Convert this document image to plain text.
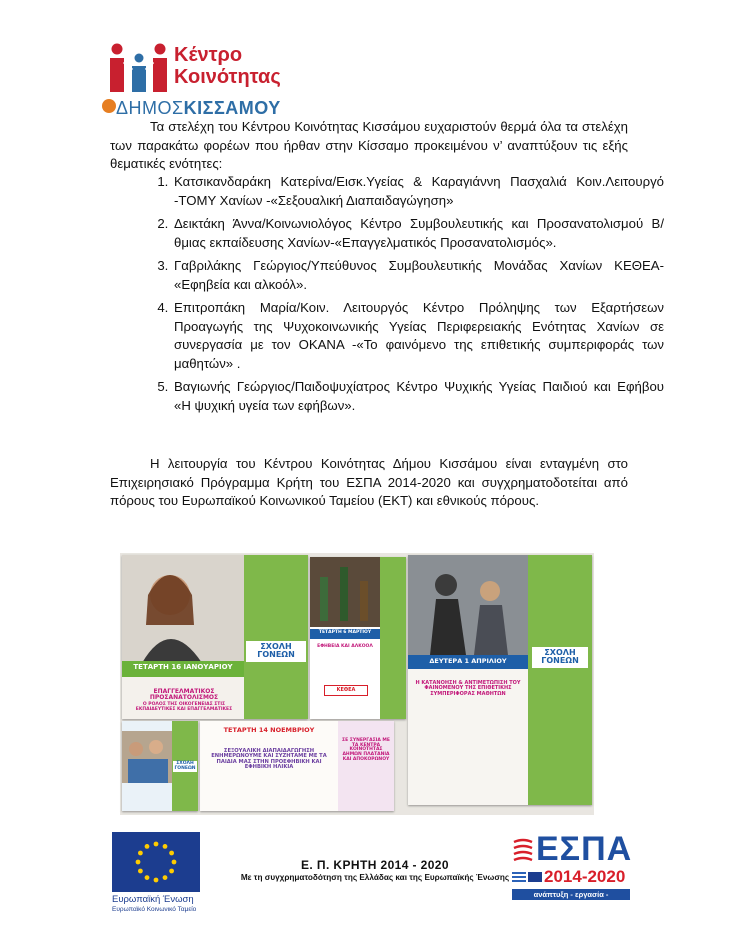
Κέντρο
Κοινότητας
ΔΗΜΟΣΚΙΣΣΑΜΟΥ
Τα στελέχη του Κέντρου Κοινότητας Κισσάμου ευχαριστούν θερμά όλα τα στελέχη των παρακάτω φορέων που ήρθαν στην Κίσσαμο προκειμένου ν’ αναπτύξουν τις εξής θεματικές ενότητες:
1. Κατσικανδαράκη Κατερίνα/Εισκ.Υγείας & Καραγιάννη Πασχαλιά Κοιν.Λειτουργό -ΤΟΜΥ Χανίων -«Σεξουαλική Διαπαιδαγώγηση»
2. Δεικτάκη Άννα/Κοινωνιολόγος Κέντρο Συμβουλευτικής και Προσανατολισμού Β/θμιας εκπαίδευσης Χανίων-«Επαγγελματικός Προσανατολισμός».
3. Γαβριλάκης Γεώργιος/Υπεύθυνος Συμβουλευτικής Μονάδας Χανίων ΚΕΘΕΑ- «Εφηβεία και αλκοόλ».
4. Επιτροπάκη Μαρία/Κοιν. Λειτουργός Κέντρο Πρόληψης των Εξαρτήσεων Προαγωγής της Ψυχοκοινωνικής Υγείας Περιφερειακής Ενότητας Χανίων σε συνεργασία με τον ΟΚΑΝΑ -«Το φαινόμενο της επιθετικής συμπεριφοράς των μαθητών» .
5. Βαγιωνής Γεώργιος/Παιδοψυχίατρος Κέντρο Ψυχικής Υγείας Παιδιού και Εφήβου «Η ψυχική υγεία των εφήβων».
Η λειτουργία του Κέντρου Κοινότητας Δήμου Κισσάμου είναι ενταγμένη στο Επιχειρησιακό Πρόγραμμα Κρήτη του ΕΣΠΑ 2014-2020 και συγχρηματοδοτείται από πόρους του Ευρωπαϊκού Κοινωνικού Ταμείου (ΕΚΤ) και εθνικούς πόρους.
ΣΧΟΛΗ ΓΟΝΕΩΝ
ΤΕΤΑΡΤΗ 16 ΙΑΝΟΥΑΡΙΟΥ
ΕΠΑΓΓΕΛΜΑΤΙΚΟΣ ΠΡΟΣΑΝΑΤΟΛΙΣΜΟΣ
Ο ΡΟΛΟΣ ΤΗΣ ΟΙΚΟΓΕΝΕΙΑΣ ΣΤΙΣ ΕΚΠΑΙΔΕΥΤΙΚΕΣ ΚΑΙ ΕΠΑΓΓΕΛΜΑΤΙΚΕΣ
ΤΕΤΑΡΤΗ 6 ΜΑΡΤΙΟΥ
ΕΦΗΒΕΙΑ ΚΑΙ ΑΛΚΟΟΛ
ΚΕΘΕΑ
ΣΧΟΛΗ ΓΟΝΕΩΝ
ΔΕΥΤΕΡΑ 1 ΑΠΡΙΛΙΟΥ
Η ΚΑΤΑΝΟΗΣΗ & ΑΝΤΙΜΕΤΩΠΙΣΗ ΤΟΥ ΦΑΙΝΟΜΕΝΟΥ ΤΗΣ ΕΠΙΘΕΤΙΚΗΣ ΣΥΜΠΕΡΙΦΟΡΑΣ ΜΑΘΗΤΩΝ
ΤΕΤΑΡΤΗ 14 ΝΟΕΜΒΡΙΟΥ
ΣΕΞΟΥΑΛΙΚΗ ΔΙΑΠΑΙΔΑΓΩΓΗΣΗ ΕΝΗΜΕΡΩΝΟΥΜΕ ΚΑΙ ΣΥΖΗΤΑΜΕ ΜΕ ΤΑ ΠΑΙΔΙΑ ΜΑΣ ΣΤΗΝ ΠΡΟΕΦΗΒΙΚΗ ΚΑΙ ΕΦΗΒΙΚΗ ΗΛΙΚΙΑ
ΣΕ ΣΥΝΕΡΓΑΣΙΑ ΜΕ ΤΑ ΚΕΝΤΡΑ ΚΟΙΝΟΤΗΤΑΣ ΔΗΜΩΝ ΠΛΑΤΑΝΙΑ ΚΑΙ ΑΠΟΚΟΡΩΝΟΥ
ΣΧΟΛΗ ΓΟΝΕΩΝ
Ευρωπαϊκή Ένωση
Ευρωπαϊκό Κοινωνικό Ταμείο
Ε. Π. ΚΡΗΤΗ 2014 - 2020
Με τη συγχρηματοδότηση της Ελλάδας και της Ευρωπαϊκής Ένωσης
ΕΣΠΑ
2014-2020
ανάπτυξη - εργασία - αλληλεγγύη
